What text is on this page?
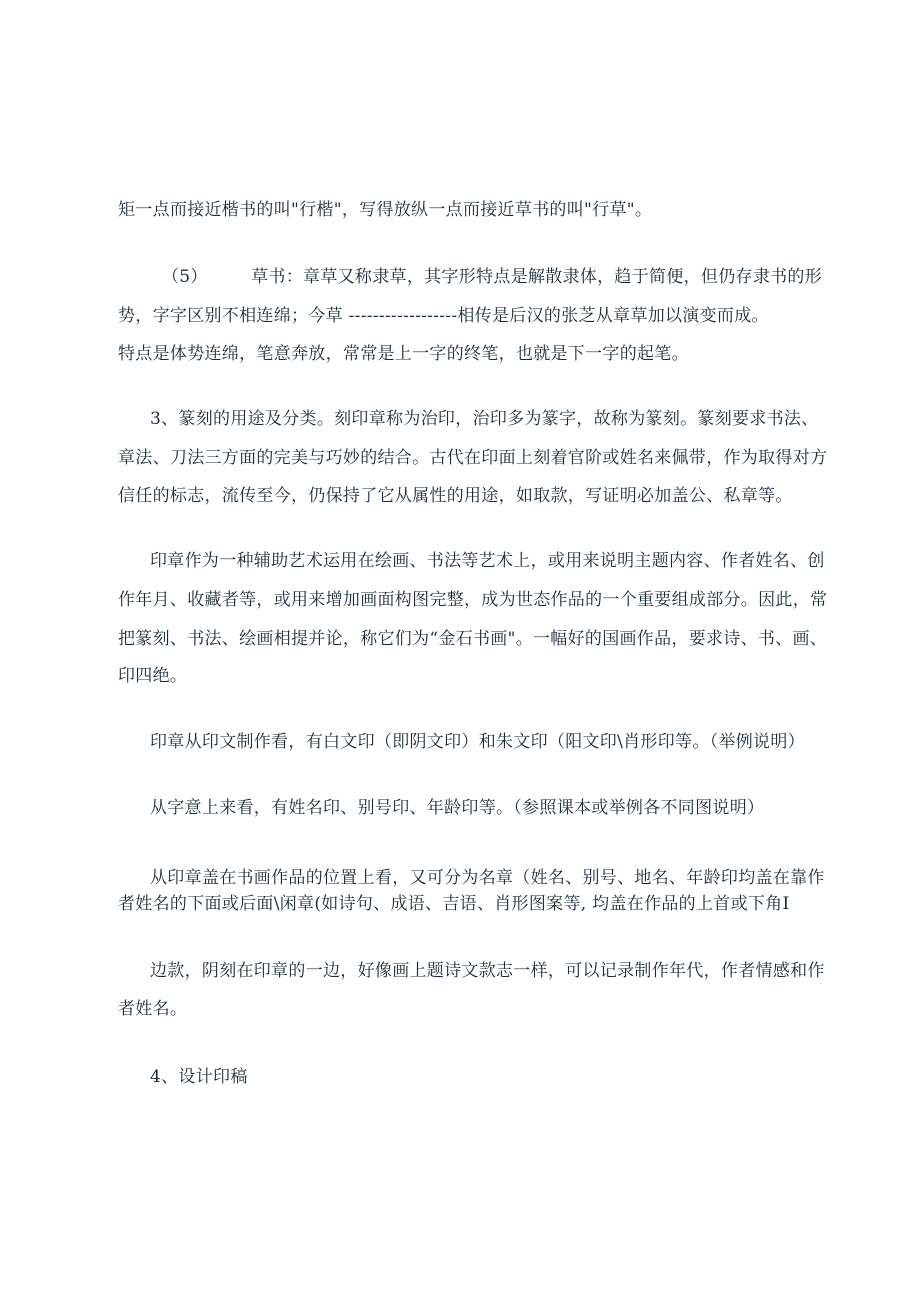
矩一点而接近楷书的叫"行楷"，写得放纵一点而接近草书的叫"行草"。
（5）　　　草书：章草又称隶草，其字形特点是解散隶体，趋于简便，但仍存隶书的形
势，字字区别不相连绵；今草 ------------------相传是后汉的张芝从章草加以演变而成。
特点是体势连绵，笔意奔放，常常是上一字的终笔，也就是下一字的起笔。
3、篆刻的用途及分类。刻印章称为治印，治印多为篆字，故称为篆刻。篆刻要求书法、
章法、刀法三方面的完美与巧妙的结合。古代在印面上刻着官阶或姓名来佩带，作为取得对方
信任的标志，流传至今，仍保持了它从属性的用途，如取款，写证明必加盖公、私章等。
印章作为一种辅助艺术运用在绘画、书法等艺术上，或用来说明主题内容、作者姓名、创
作年月、收藏者等，或用来增加画面构图完整，成为世态作品的一个重要组成部分。因此，常
把篆刻、书法、绘画相提并论，称它们为“金石书画"。一幅好的国画作品，要求诗、书、画、
印四绝。
印章从印文制作看，有白文印（即阴文印）和朱文印（阳文印\肖形印等。（举例说明）
从字意上来看，有姓名印、别号印、年龄印等。（参照课本或举例各不同图说明）
从印章盖在书画作品的位置上看，又可分为名章（姓名、别号、地名、年龄印均盖在靠作
者姓名的下面或后面\闲章(如诗句、成语、吉语、肖形图案等, 均盖在作品的上首或下角Ⅰ
边款，阴刻在印章的一边，好像画上题诗文款志一样，可以记录制作年代，作者情感和作
者姓名。
4、设计印稿
